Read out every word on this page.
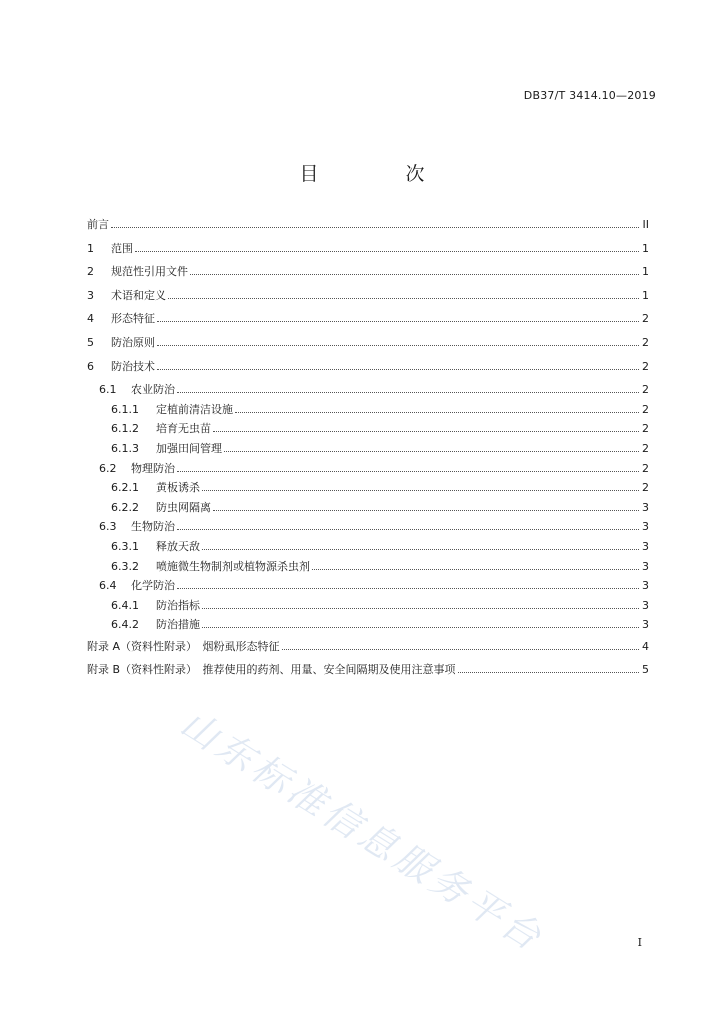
DB37/T 3414.10—2019
目　次
前言	II
1	范围	1
2	规范性引用文件	1
3	术语和定义	1
4	形态特征	2
5	防治原则	2
6	防治技术	2
6.1	农业防治	2
6.1.1	定植前清洁设施	2
6.1.2	培育无虫苗	2
6.1.3	加强田间管理	2
6.2	物理防治	2
6.2.1	黄板诱杀	2
6.2.2	防虫网隔离	3
6.3	生物防治	3
6.3.1	释放天敌	3
6.3.2	喷施微生物制剂或植物源杀虫剂	3
6.4	化学防治	3
6.4.1	防治指标	3
6.4.2	防治措施	3
附录 A（资料性附录）　烟粉虱形态特征	4
附录 B（资料性附录）　推荐使用的药剂、用量、安全间隔期及使用注意事项	5
山东标准信息服务平台	I
